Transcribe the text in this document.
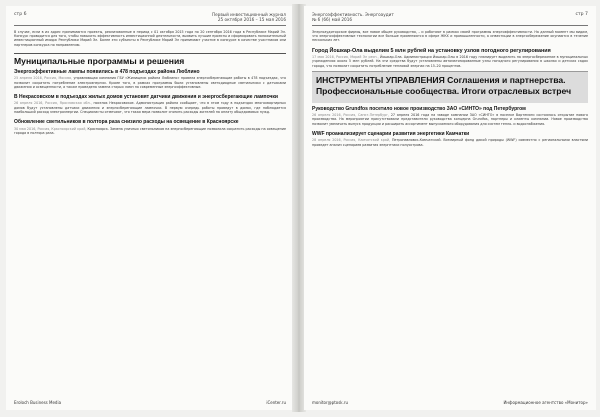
стр 6	Первый инвестиционный журнал
25 октября 2016 – 15 мая 2016

В случае, если в их адрес принимаются проекты, реализованные в период с 01 октября 2015 года по 20 сентября 2016 года в Республике Марий Эл. Конкурс проводится для того, чтобы повысить эффективность инвестиционной деятельности, выявить лучшие проекты и сформировать положительный инвестиционный имидж Республики Марий Эл. Более эти субъекты в Республике Марий Эл принимают участие в конкурсе в качестве участников или партнеров конкурса по направлению.

Муниципальные программы и решения
Энергоэффективные лампы появились в 478 подъездах района Люблино

25 апреля 2016, Россия, Москва, управляющая компания ГБУ «Жилищник района Люблино» провела энергосберегающие работы в 478 подъездах, что позволит сократить потребление электроэнергии. Кроме того, в рамках программы были установлены светодиодные светильники с датчиками движения и освещенности, а также проведена замена старых ламп на современные энергоэффективные.

В Некрасовском в подъездах жилых домов установят датчики движения и энергосберегающие лампочки

26 апреля 2016, Россия, Ярославская обл., поселок Некрасовское. Администрация района сообщает, что в этом году в подъездах многоквартирных домов будут установлены датчики движения и энергосберегающие лампочки. В первую очередь работы проведут в домах, где наблюдается наибольший расход электроэнергии. Специалисты отмечают, что такая мера позволит снизить расходы жителей на оплату общедомовых нужд.

Обновление светильников в полтора раза снизило расходы на освещение в Красноярске

30 мая 2016, Россия, Красноярский край, Красноярск. Замена уличных светильников на энергосберегающие позволила сократить расходы на освещение города в полтора раза.

Eroloch Business Media	iCenter.ru
Энергоэффективность. Энергоаудит
№ 6 (66) май 2016
стр 7

Энергоаудиторские фирмы, все новое общее руководство, – и работают в рамках своей программы энергоэффективности. На данный момент мы видим, что энергоэффективные технологии все больше применяются в сфере ЖКХ и промышленности, а инвестиции в энергосбережение окупаются в течение нескольких лет.

Город Йошкар-Ола выделим 5 млн рублей на установку узлов погодного регулирования

17 мая 2016, Россия, Марий Эл респ., Йошкар-Ола. Администрация Йошкар-Олы в 2016 году планирует выделить на энергосбережение в муниципальных учреждениях около 5 млн рублей. На эти средства будут установлены автоматизированные узлы погодного регулирования в школах и детских садах города, что позволит сократить потребление тепловой энергии на 15–20 процентов.

ИНСТРУМЕНТЫ УПРАВЛЕНИЯ Соглашения и партнерства. Профессиональные сообщества. Итоги отраслевых встреч
Руководство Grundfos посетило новое производство ЗАО «СИНТО» под Петербургом

26 апреля 2016, Россия, Санкт-Петербург, 27 апреля 2016 года на заводе компании ЗАО «СИНТО» в поселке Вартемяги состоялось открытие нового производства. На мероприятии присутствовали представители руководства концерна Grundfos, партнеры и клиенты компании. Новое производство позволит увеличить выпуск продукции и расширить ассортимент выпускаемого оборудования для систем тепло- и водоснабжения.

WWF проанализирует сценарии развития энергетики Камчатки

28 апреля 2016, Россия, Камчатский край, Петропавловск-Камчатский. Всемирный фонд дикой природы (WWF) совместно с региональными властями проведет анализ сценариев развития энергетики полуострова.

monitor@ptosk.ru	Информационное агентство «Монитор»
